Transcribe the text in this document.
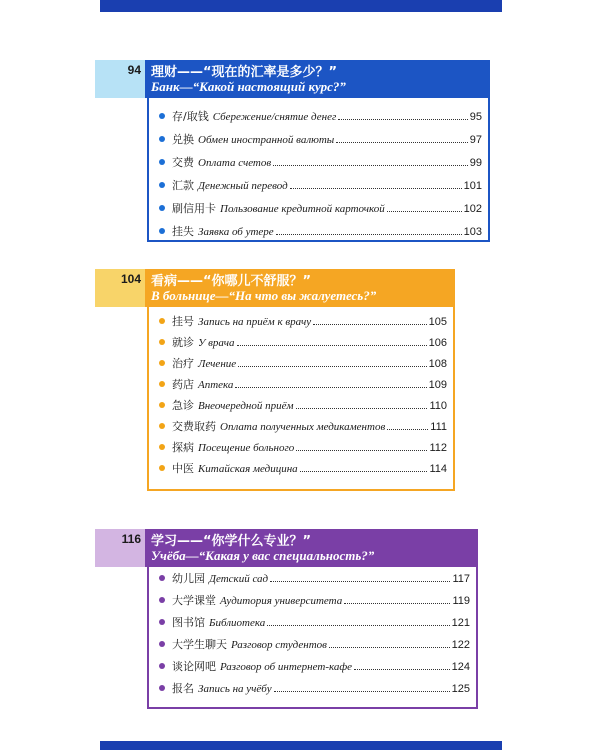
94 理财——“现在的汇率是多少？”
Банк—“Какой настоящий курс?”
存/取钱 Сбережение/снятие денег	95
兑换 Обмен иностранной валюты	97
交费 Оплата счетов	99
汇款 Денежный перевод	101
刷信用卡 Пользование кредитной карточкой	102
挂失 Заявка об утере	103
104 看病——“你哪儿不舒服？”
В больнице—“На что вы жалуетесь?”
挂号 Запись на приём к врачу	105
就诊 У врача	106
治疗 Лечение	108
药店 Аптека	109
急诊 Внеочередной приём	110
交费取药 Оплата полученных медикаментов	111
探病 Посещение больного	112
中医 Китайская медицина	114
116 学习——“你学什么专业？”
Учёба—“Какая у вас специальность?”
幼儿园 Детский сад	117
大学课堂 Аудитория университета	119
图书馆 Библиотека	121
大学生聊天 Разговор студентов	122
谈论网吧 Разговор об интернет-кафе	124
报名 Запись на учёбу	125
